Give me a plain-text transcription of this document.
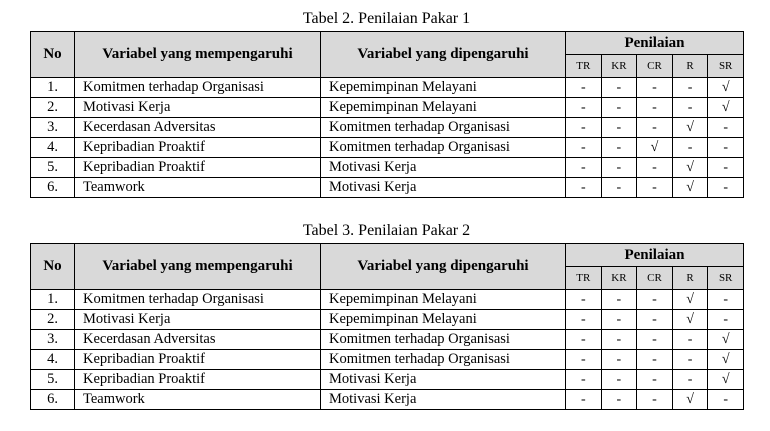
Tabel 2. Penilaian Pakar 1
No	Variabel yang mempengaruhi	Variabel yang dipengaruhi	Penilaian				
			TR	KR	CR	R	SR
1.	Komitmen terhadap Organisasi	Kepemimpinan Melayani	-	-	-	-	√
2.	Motivasi Kerja	Kepemimpinan Melayani	-	-	-	-	√
3.	Kecerdasan Adversitas	Komitmen terhadap Organisasi	-	-	-	√	-
4.	Kepribadian Proaktif	Komitmen terhadap Organisasi	-	-	√	-	-
5.	Kepribadian Proaktif	Motivasi Kerja	-	-	-	√	-
6.	Teamwork	Motivasi Kerja	-	-	-	√	-
Tabel 3. Penilaian Pakar 2
No	Variabel yang mempengaruhi	Variabel yang dipengaruhi	Penilaian				
			TR	KR	CR	R	SR
1.	Komitmen terhadap Organisasi	Kepemimpinan Melayani	-	-	-	√	-
2.	Motivasi Kerja	Kepemimpinan Melayani	-	-	-	√	-
3.	Kecerdasan Adversitas	Komitmen terhadap Organisasi	-	-	-	-	√
4.	Kepribadian Proaktif	Komitmen terhadap Organisasi	-	-	-	-	√
5.	Kepribadian Proaktif	Motivasi Kerja	-	-	-	-	√
6.	Teamwork	Motivasi Kerja	-	-	-	√	-
